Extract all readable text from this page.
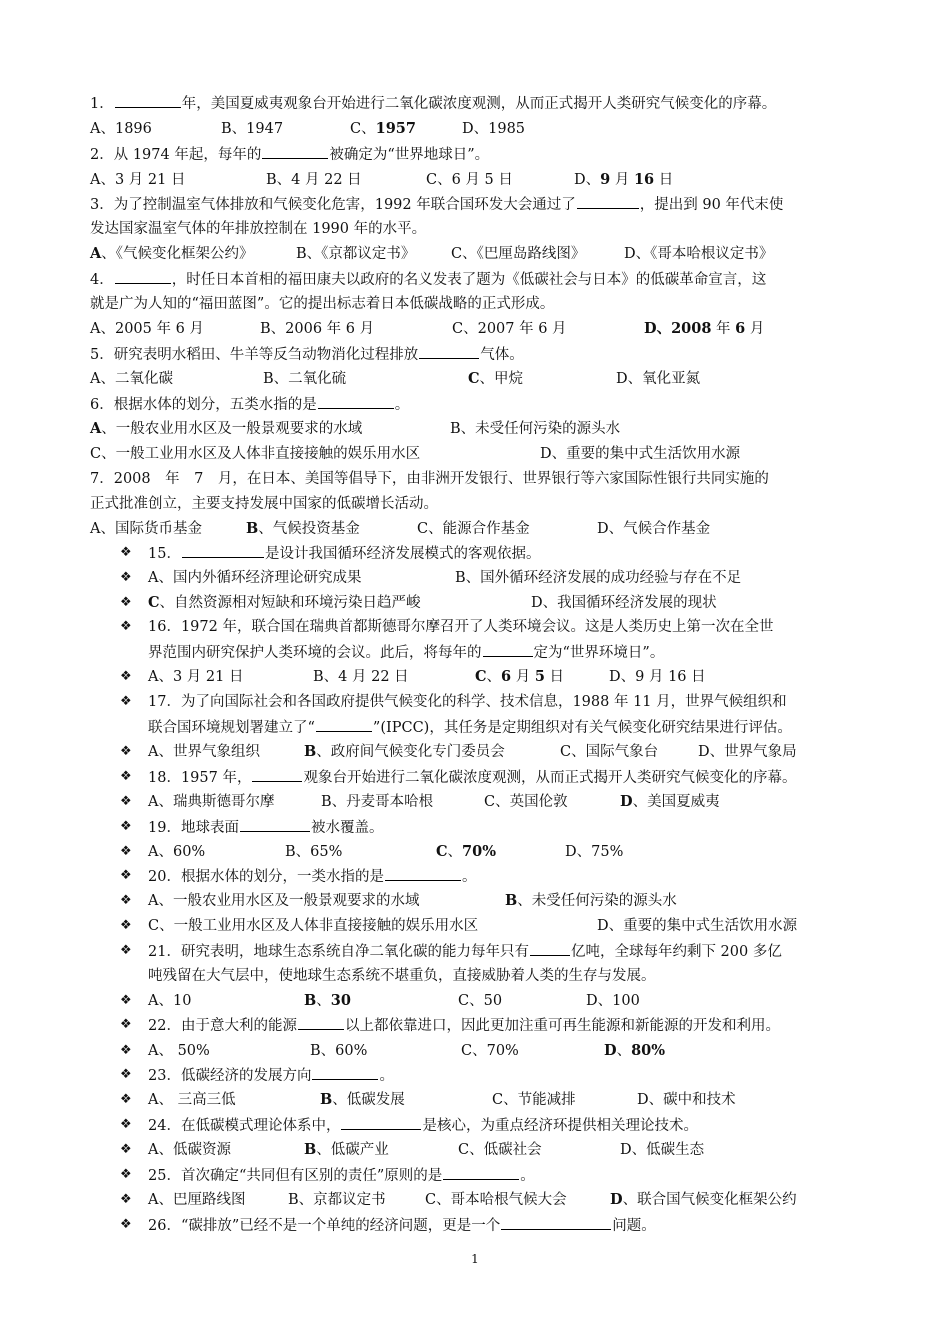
1．	年，美国夏威夷观象台开始进行二氧化碳浓度观测，从而正式揭开人类研究气候变化的序幕。
A、1896	B、1947	C、1957	D、1985
2．从 1974 年起，每年的	被确定为“世界地球日”。
A、3 月 21 日	B、4 月 22 日	C、6 月 5 日	D、9 月 16 日
3．为了控制温室气体排放和气候变化危害，1992 年联合国环发大会通过了	，提出到 90 年代末使
发达国家温室气体的年排放控制在 1990 年的水平。
A、《气候变化框架公约》	B、《京都议定书》 C、《巴厘岛路线图》	D、《哥本哈根议定书》
4．	，时任日本首相的福田康夫以政府的名义发表了题为《低碳社会与日本》的低碳革命宣言，这
就是广为人知的“福田蓝图”。它的提出标志着日本低碳战略的正式形成。
A、2005 年 6 月	B、2006 年 6 月	C、2007 年 6 月	D、2008 年 6 月
5．研究表明水稻田、牛羊等反刍动物消化过程排放	气体。
A、二氧化碳	B、二氧化硫	C、甲烷	D、氧化亚氮
6．根据水体的划分，五类水指的是	。
A、一般农业用水区及一般景观要求的水域	B、未受任何污染的源头水
C、一般工业用水区及人体非直接接触的娱乐用水区	D、重要的集中式生活饮用水源
7．2008　年　7　月，在日本、美国等倡导下，由非洲开发银行、世界银行等六家国际性银行共同实施的
正式批准创立，主要支持发展中国家的低碳增长活动。
A、国际货币基金	B、气候投资基金	C、能源合作基金	D、气候合作基金
❖	15．	是设计我国循环经济发展模式的客观依据。
❖	A、国内外循环经济理论研究成果	B、国外循环经济发展的成功经验与存在不足
❖	C、自然资源相对短缺和环境污染日趋严峻	D、我国循环经济发展的现状
❖	16．1972 年，联合国在瑞典首都斯德哥尔摩召开了人类环境会议。这是人类历史上第一次在全世
界范围内研究保护人类环境的会议。此后，将每年的	定为“世界环境日”。
❖	A、3 月 21 日	B、4 月 22 日	C、6 月 5 日	D、9 月 16 日
❖	17．为了向国际社会和各国政府提供气候变化的科学、技术信息，1988 年 11 月，世界气候组织和
联合国环境规划署建立了“	”(IPCC)，其任务是定期组织对有关气候变化研究结果进行评估。
❖	A、世界气象组织	B、政府间气候变化专门委员会	C、国际气象台	D、世界气象局
❖	18．1957 年，	观象台开始进行二氧化碳浓度观测，从而正式揭开人类研究气候变化的序幕。
❖	A、瑞典斯德哥尔摩	B、丹麦哥本哈根	C、英国伦敦	D、美国夏威夷
❖	19．地球表面	被水覆盖。
❖	A、60%	B、65%	C、70%	D、75%
❖	20．根据水体的划分，一类水指的是	。
❖	A、一般农业用水区及一般景观要求的水域	B、未受任何污染的源头水
❖	C、一般工业用水区及人体非直接接触的娱乐用水区	D、重要的集中式生活饮用水源
❖	21．研究表明，地球生态系统自净二氧化碳的能力每年只有	亿吨，全球每年约剩下 200 多亿
吨残留在大气层中，使地球生态系统不堪重负，直接威胁着人类的生存与发展。
❖	A、10	B、30	C、50	D、100
❖	22．由于意大利的能源	以上都依靠进口，因此更加注重可再生能源和新能源的开发和利用。
❖	A、 50%	B、60%	C、70%	D、80%
❖	23．低碳经济的发展方向	。
❖	A、 三高三低	B、低碳发展	C、节能减排	D、碳中和技术
❖	24．在低碳模式理论体系中，	是核心，为重点经济环提供相关理论技术。
❖	A、低碳资源	B、低碳产业	C、低碳社会	D、低碳生态
❖	25．首次确定“共同但有区别的责任”原则的是	。
❖	A、巴厘路线图	B、京都议定书	C、哥本哈根气候大会	D、联合国气候变化框架公约
❖	26．“碳排放”已经不是一个单纯的经济问题，更是一个	问题。
1
